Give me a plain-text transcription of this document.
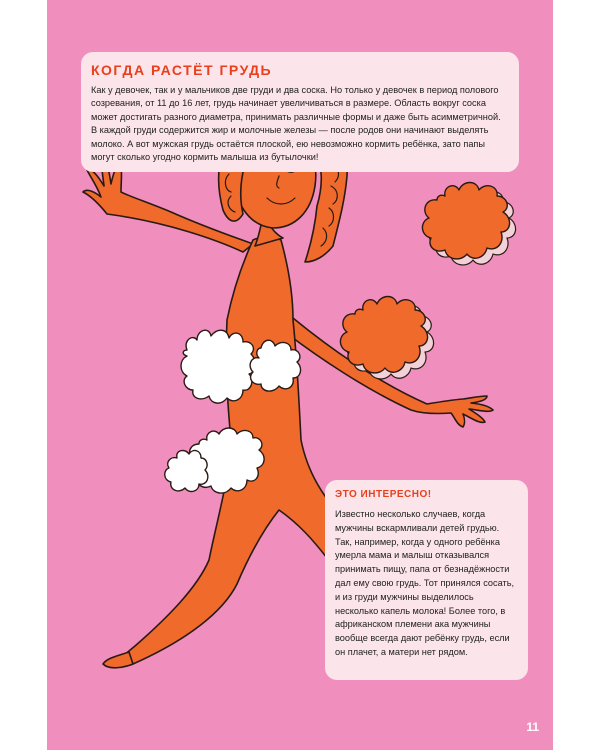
КОГДА РАСТЁТ ГРУДЬ

Как у девочек, так и у мальчиков две груди и два соска. Но только у девочек в период полового созревания, от 11 до 16 лет, грудь начинает увеличиваться в размере. Область вокруг соска может достигать разного диаметра, принимать различные формы и даже быть асимметричной. В каждой груди содержится жир и молочные железы — после родов они начинают выделять молоко. А вот мужская грудь остаётся плоской, ею невозможно кормить ребёнка, зато папы могут сколько угодно кормить малыша из бутылочки!

ЭТО ИНТЕРЕСНО!

Известно несколько случаев, когда мужчины вскармливали детей грудью. Так, например, когда у одного ребёнка умерла мама и малыш отказывался принимать пищу, папа от безнадёжности дал ему свою грудь. Тот принялся сосать, и из груди мужчины выделилось несколько капель молока! Более того, в африканском племени ака мужчины вообще всегда дают ребёнку грудь, если он плачет, а матери нет рядом.

11
